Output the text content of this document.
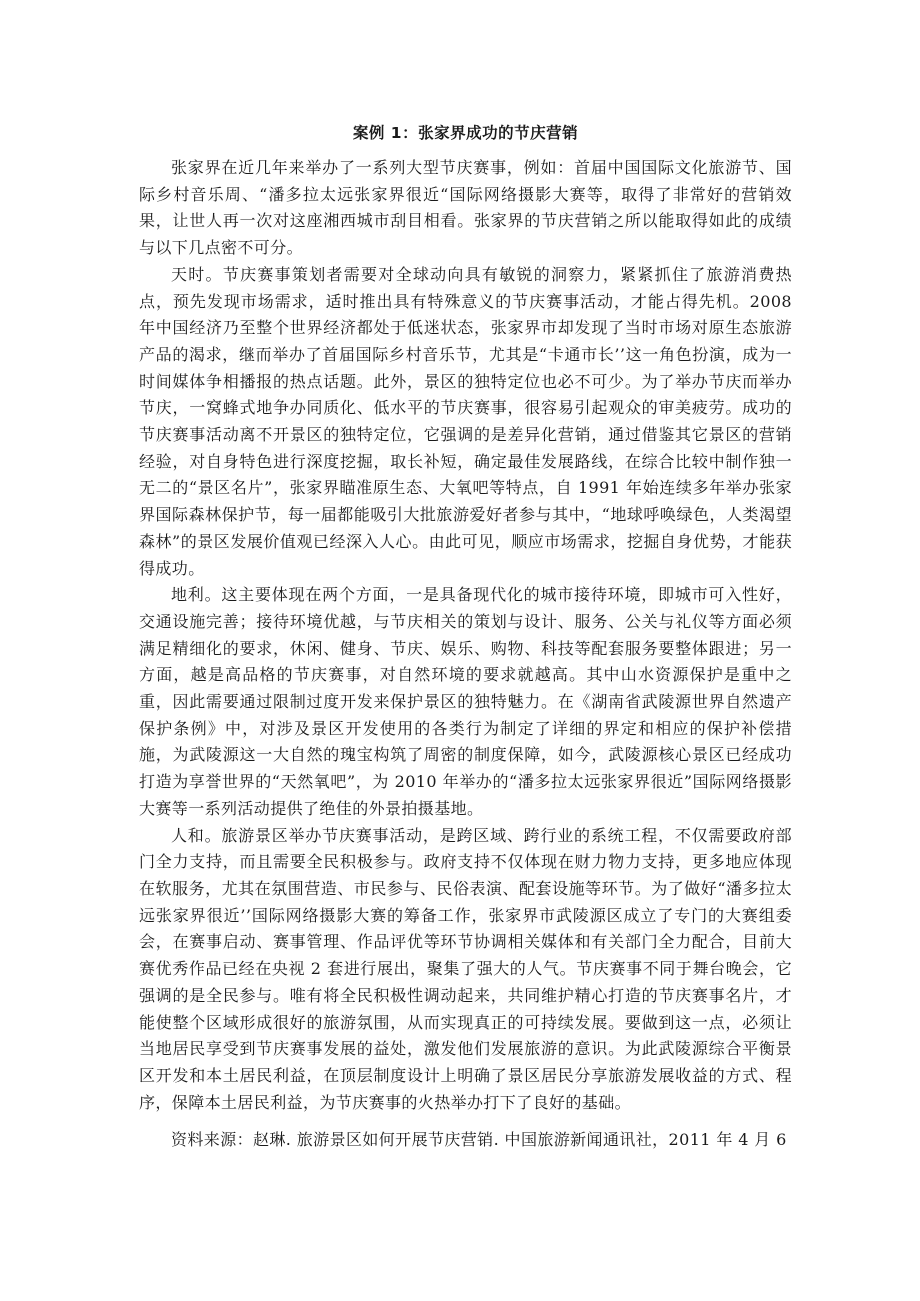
案例 1：张家界成功的节庆营销

张家界在近几年来举办了一系列大型节庆赛事，例如：首届中国国际文化旅游节、国际乡村音乐周、“潘多拉太远张家界很近“国际网络摄影大赛等，取得了非常好的营销效果，让世人再一次对这座湘西城市刮目相看。张家界的节庆营销之所以能取得如此的成绩与以下几点密不可分。

天时。节庆赛事策划者需要对全球动向具有敏锐的洞察力，紧紧抓住了旅游消费热点，预先发现市场需求，适时推出具有特殊意义的节庆赛事活动，才能占得先机。2008 年中国经济乃至整个世界经济都处于低迷状态，张家界市却发现了当时市场对原生态旅游产品的渴求，继而举办了首届国际乡村音乐节，尤其是“卡通市长’’这一角色扮演，成为一时间媒体争相播报的热点话题。此外，景区的独特定位也必不可少。为了举办节庆而举办节庆，一窝蜂式地争办同质化、低水平的节庆赛事，很容易引起观众的审美疲劳。成功的节庆赛事活动离不开景区的独特定位，它强调的是差异化营销，通过借鉴其它景区的营销经验，对自身特色进行深度挖掘，取长补短，确定最佳发展路线，在综合比较中制作独一无二的“景区名片”，张家界瞄准原生态、大氧吧等特点，自 1991 年始连续多年举办张家界国际森林保护节，每一届都能吸引大批旅游爱好者参与其中，“地球呼唤绿色，人类渴望森林”的景区发展价值观已经深入人心。由此可见，顺应市场需求，挖掘自身优势，才能获得成功。

地利。这主要体现在两个方面，一是具备现代化的城市接待环境，即城市可入性好，交通设施完善；接待环境优越，与节庆相关的策划与设计、服务、公关与礼仪等方面必须满足精细化的要求，休闲、健身、节庆、娱乐、购物、科技等配套服务要整体跟进；另一方面，越是高品格的节庆赛事，对自然环境的要求就越高。其中山水资源保护是重中之重，因此需要通过限制过度开发来保护景区的独特魅力。在《湖南省武陵源世界自然遗产保护条例》中，对涉及景区开发使用的各类行为制定了详细的界定和相应的保护补偿措施，为武陵源这一大自然的瑰宝构筑了周密的制度保障，如今，武陵源核心景区已经成功打造为享誉世界的“天然氧吧”，为 2010 年举办的“潘多拉太远张家界很近”国际网络摄影大赛等一系列活动提供了绝佳的外景拍摄基地。

人和。旅游景区举办节庆赛事活动，是跨区域、跨行业的系统工程，不仅需要政府部门全力支持，而且需要全民积极参与。政府支持不仅体现在财力物力支持，更多地应体现在软服务，尤其在氛围营造、市民参与、民俗表演、配套设施等环节。为了做好“潘多拉太远张家界很近’’国际网络摄影大赛的筹备工作，张家界市武陵源区成立了专门的大赛组委会，在赛事启动、赛事管理、作品评优等环节协调相关媒体和有关部门全力配合，目前大赛优秀作品已经在央视 2 套进行展出，聚集了强大的人气。节庆赛事不同于舞台晚会，它强调的是全民参与。唯有将全民积极性调动起来，共同维护精心打造的节庆赛事名片，才能使整个区域形成很好的旅游氛围，从而实现真正的可持续发展。要做到这一点，必须让当地居民享受到节庆赛事发展的益处，激发他们发展旅游的意识。为此武陵源综合平衡景区开发和本土居民利益，在顶层制度设计上明确了景区居民分享旅游发展收益的方式、程序，保障本土居民利益，为节庆赛事的火热举办打下了良好的基础。

资料来源：赵琳. 旅游景区如何开展节庆营销. 中国旅游新闻通讯社，2011 年 4 月 6
